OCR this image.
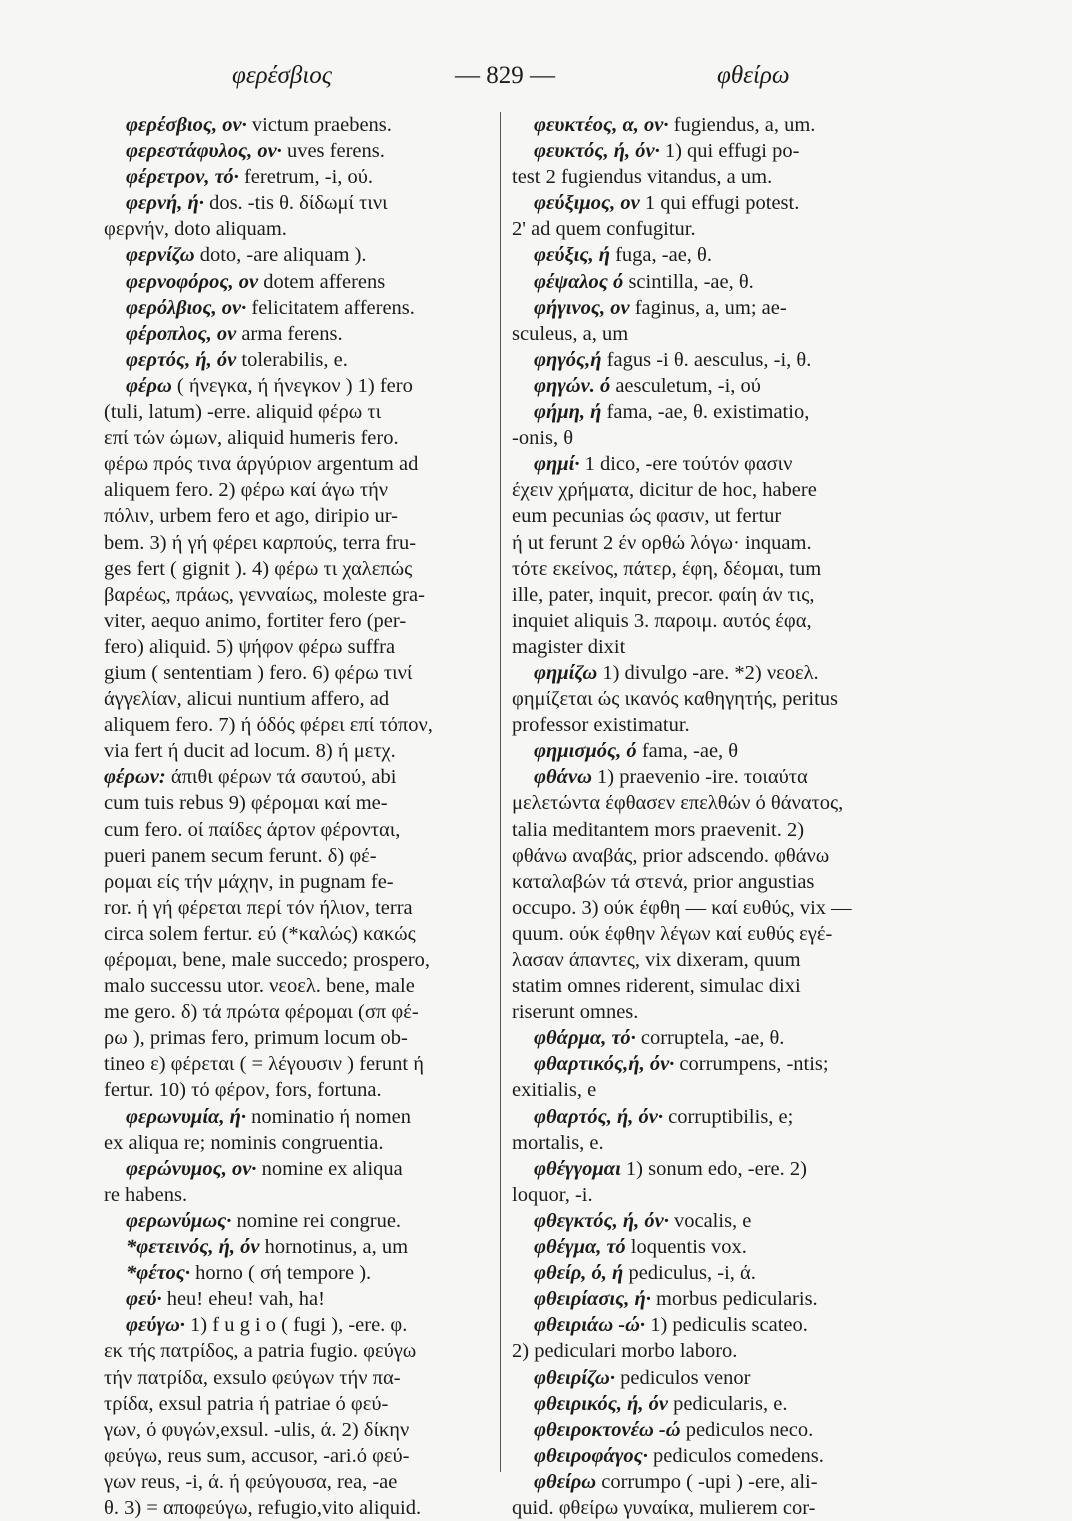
φερέσβιος	— 829 —	φθείρω
φερέσβιος, ον· victum praebens.
φερεστάφυλος, ον· uves ferens.
φέρετρον, τό· feretrum, -i, ού.
φερνή, ή· dos. -tis θ. δίδωμί τινι
φερνήν, doto aliquam.
φερνίζω doto, -are aliquam ).
φερνοφόρος, ον dotem afferens
φερόλβιος, ον· felicitatem afferens.
φέροπλος, ον arma ferens.
φερτός, ή, όν tolerabilis, e.
φέρω ( ήνεγκα, ή ήνεγκον ) 1) fero
(tuli, latum) -erre. aliquid φέρω τι
επί τών ώμων, aliquid humeris fero.
φέρω πρός τινα άργύριον argentum ad
aliquem fero. 2) φέρω καί άγω τήν
πόλιν, urbem fero et ago, diripio ur-
bem. 3) ή γή φέρει καρπούς, terra fru-
ges fert ( gignit ). 4) φέρω τι χαλεπώς
βαρέως, πράως, γενναίως, moleste gra-
viter, aequo animo, fortiter fero (per-
fero) aliquid. 5) ψήφον φέρω suffra
gium ( sententiam ) fero. 6) φέρω τινί
άγγελίαν, alicui nuntium affero, ad
aliquem fero. 7) ή όδός φέρει επί τόπον,
via fert ή ducit ad locum. 8) ή μετχ.
φέρων: άπιθι φέρων τά σαυτού, abi
cum tuis rebus 9) φέρομαι καί me-
cum fero. οί παίδες άρτον φέρονται,
pueri panem secum ferunt. δ) φέ-
ρομαι είς τήν μάχην, in pugnam fe-
ror. ή γή φέρεται περί τόν ήλιον, terra
circa solem fertur. εύ (*καλώς) κακώς
φέρομαι, bene, male succedo; prospero,
malo successu utor. νεοελ. bene, male
me gero. δ) τά πρώτα φέρομαι (σπ φέ-
ρω ), primas fero, primum locum ob-
tineo ε) φέρεται ( = λέγουσιν ) ferunt ή
fertur. 10) τό φέρον, fors, fortuna.
φερωνυμία, ή· nominatio ή nomen
ex aliqua re; nominis congruentia.
φερώνυμος, ον· nomine ex aliqua
re habens.
φερωνύμως· nomine rei congrue.
*φετεινός, ή, όν hornotinus, a, um
*φέτος· horno ( σή tempore ).
φεύ· heu! eheu! vah, ha!
φεύγω· 1) f u g i o ( fugi ), -ere. φ.
εκ τής πατρίδος, a patria fugio. φεύγω
τήν πατρίδα, exsulo φεύγων τήν πα-
τρίδα, exsul patria ή patriae ό φεύ-
γων, ό φυγών,exsul. -ulis, ά. 2) δίκην
φεύγω, reus sum, accusor, -ari.ό φεύ-
γων reus, -i, ά. ή φεύγουσα, rea, -ae
θ. 3) = αποφεύγω, refugio,vito aliquid.
φευκτέος, α, ον· fugiendus, a, um.
φευκτός, ή, όν· 1) qui effugi po-
test 2 fugiendus vitandus, a um.
φεύξιμος, ον 1 qui effugi potest.
2' ad quem confugitur.
φεύξις, ή fuga, -ae, θ.
φέψαλος ό scintilla, -ae, θ.
φήγινος, ον faginus, a, um; ae-
sculeus, a, um
φηγός,ή fagus -i θ. aesculus, -i, θ.
φηγών. ό aesculetum, -i, ού
φήμη, ή fama, -ae, θ. existimatio,
-onis, θ
φημί· 1 dico, -ere τούτόν φασιν
έχειν χρήματα, dicitur de hoc, habere
eum pecunias ώς φασιν, ut fertur
ή ut ferunt 2 έν ορθώ λόγω· inquam.
τότε εκείνος, πάτερ, έφη, δέομαι, tum
ille, pater, inquit, precor. φαίη άν τις,
inquiet aliquis 3. παροιμ. αυτός έφα,
magister dixit
φημίζω 1) divulgo -are. *2) νεοελ.
φημίζεται ώς ικανός καθηγητής, peritus
professor existimatur.
φημισμός, ό fama, -ae, θ
φθάνω 1) praevenio -ire. τοιαύτα
μελετώντα έφθασεν επελθών ό θάνατος,
talia meditantem mors praevenit. 2)
φθάνω αναβάς, prior adscendo. φθάνω
καταλαβών τά στενά, prior angustias
occupo. 3) ούκ έφθη — καί ευθύς, vix —
quum. ούκ έφθην λέγων καί ευθύς εγέ-
λασαν άπαντες, vix dixeram, quum
statim omnes riderent, simulac dixi
riserunt omnes.
φθάρμα, τό· corruptela, -ae, θ.
φθαρτικός,ή, όν· corrumpens, -ntis;
exitialis, e
φθαρτός, ή, όν· corruptibilis, e;
mortalis, e.
φθέγγομαι 1) sonum edo, -ere. 2)
loquor, -i.
φθεγκτός, ή, όν· vocalis, e
φθέγμα, τό loquentis vox.
φθείρ, ό, ή pediculus, -i, ά.
φθειρίασις, ή· morbus pedicularis.
φθειριάω -ώ· 1) pediculis scateo.
2) pediculari morbo laboro.
φθειρίζω· pediculos venor
φθειρικός, ή, όν pedicularis, e.
φθειροκτονέω -ώ pediculos neco.
φθειροφάγος· pediculos comedens.
φθείρω corrumpo ( -upi ) -ere, ali-
quid. φθείρω γυναίκα, mulierem cor-
